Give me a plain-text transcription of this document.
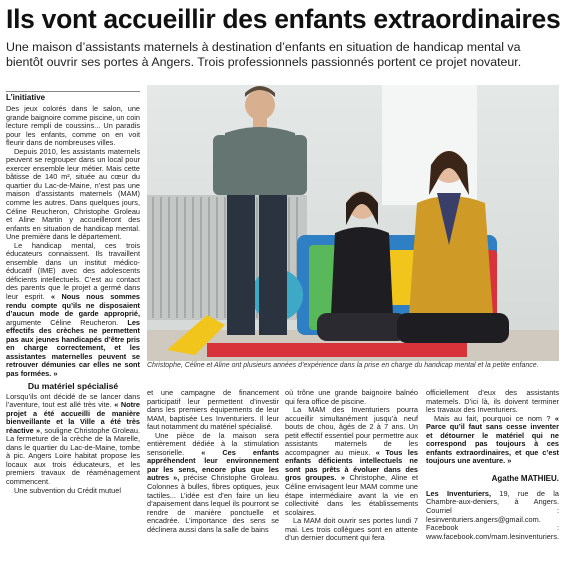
Ils vont accueillir des enfants extraordinaires

Une maison d’assistants maternels à destination d’enfants en situation de handicap mental va bientôt ouvrir ses portes à Angers. Trois professionnels passionnés portent ce projet novateur.

L’initiative

Des jeux colorés dans le salon, une grande baignoire comme piscine, un coin lecture rempli de coussins... Un paradis pour les enfants, comme on en voit fleurir dans de nombreuses villes.

Depuis 2010, les assistants maternels peuvent se regrouper dans un local pour exercer ensemble leur métier. Mais cette bâtisse de 140 m², située au cœur du quartier du Lac-de-Maine, n’est pas une maison d’assistants maternels (MAM) comme les autres. Dans quelques jours, Céline Reucheron, Christophe Groleau et Aline Martin y accueilleront des enfants en situation de handicap mental. Une première dans le département.

Le handicap mental, ces trois éducateurs connaissent. Ils travaillent ensemble dans un institut médico-éducatif (IME) avec des adolescents déficients intellectuels. C’est au contact des parents que le projet a germé dans leur esprit. « Nous nous sommes rendu compte qu’ils ne disposaient d’aucun mode de garde approprié, argumente Céline Reucheron. Les effectifs des crèches ne permettent pas aux jeunes handicapés d’être pris en charge correctement, et les assistantes maternelles peuvent se retrouver démunies car elles ne sont pas formées. »

Du matériel spécialisé

Lorsqu’ils ont décidé de se lancer dans l’aventure, tout est allé très vite. « Notre projet a été accueilli de manière bienveillante et la Ville a été très réactive », souligne Christophe Groleau. La fermeture de la crèche de la Marelle, dans le quartier du Lac-de-Maine, tombe à pic. Angers Loire habitat propose les locaux aux trois éducateurs, et les premiers travaux de réaménagement commencent.

Une subvention du Crédit mutuel

Christophe, Céline et Aline ont plusieurs années d’expérience dans la prise en charge du handicap mental et la petite enfance.

et une campagne de financement participatif leur permettent d’investir dans les premiers équipements de leur MAM, baptisée Les Inventuriers. Il leur faut notamment du matériel spécialisé.

Une pièce de la maison sera entièrement dédiée à la stimulation sensorielle. « Ces enfants appréhendent leur environnement par les sens, encore plus que les autres », précise Christophe Groleau. Colonnes à bulles, fibres optiques, jeux tactiles... L’idée est d’en faire un lieu d’apaisement dans lequel ils pourront se rendre de manière ponctuelle et encadrée. L’importance des sens se déclinera aussi dans la salle de bains

où trône une grande baignoire balnéo qui fera office de piscine.

La MAM des Inventuriers pourra accueillir simultanément jusqu’à neuf bouts de chou, âgés de 2 à 7 ans. Un petit effectif essentiel pour permettre aux assistants maternels de les accompagner au mieux. « Tous les enfants déficients intellectuels ne sont pas prêts à évoluer dans des gros groupes. » Christophe, Aline et Céline envisagent leur MAM comme une étape intermédiaire avant la vie en collectivité dans les établissements scolaires.

La MAM doit ouvrir ses portes lundi 7 mai. Les trois collègues sont en attente d’un dernier document qui fera

officiellement d’eux des assistants maternels. D’ici là, ils doivent terminer les travaux des Inventuriers.

Mais au fait, pourquoi ce nom ? « Parce qu’il faut sans cesse inventer et détourner le matériel qui ne correspond pas toujours à ces enfants extraordinaires, et que c’est toujours une aventure. »

Agathe MATHIEU.

Les Inventuriers, 19, rue de la Chambre-aux-deniers, à Angers. Courriel : lesinventuriers.angers@gmail.com. Facebook : www.facebook.com/mam.lesinventuriers.
